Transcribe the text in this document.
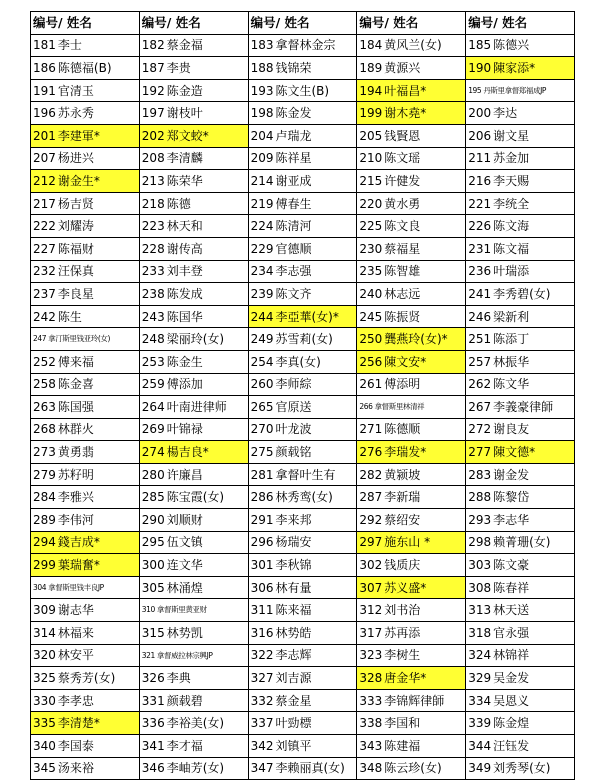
编号/ 姓名	编号/ 姓名	编号/ 姓名	编号/ 姓名	编号/ 姓名
181 李士	182 蔡金福	183 拿督林金宗	184 黄风兰(女)	185 陈德兴
186 陈德福(B)	187 李贵	188 钱锦荣	189 黄源兴	190 陳家添*
191 官清玉	192 陈金造	193 陈文生(B)	194 叶福昌*	195 丹斯里拿督郑福成JP
196 苏永秀	197 谢枝叶	198 陈金发	199 谢木堯*	200 李达
201 李建軍*	202 郑文蛟*	204 卢瑞龙	205 钱賢恩	206 谢文星
207 杨进兴	208 李清麟	209 陈祥星	210 陈文瑶	211 苏金加
212 谢金生*	213 陈荣华	214 谢亚成	215 许健发	216 李天赐
217 杨吉贤	218 陈德	219 傅春生	220 黄水勇	221 李统全
222 刘耀涛	223 林天和	224 陈清河	225 陈文良	226 陈文海
227 陈福财	228 谢传高	229 官德顺	230 蔡福星	231 陈文福
232 汪保真	233 刘丰登	234 李志强	235 陈智雄	236 叶瑞添
237 李良星	238 陈发成	239 陈文齐	240 林志远	241 李秀碧(女)
242 陈生	243 陈国华	244 李亞華(女)*	245 陈振贤	246 梁新利
247 拿汀斯里钱亚玲(女)	248 梁丽玲(女)	249 苏雪莉(女)	250 龔燕玲(女)*	251 陈添丁
252 傅来福	253 陈金生	254 李真(女)	256 陳文安*	257 林振华
258 陈金喜	259 傅添加	260 李师綜	261 傅添明	262 陈文华
263 陈国强	264 叶南进律师	265 官原送	266 拿督斯里林清祥	267 李義豪律師
268 林群火	269 叶锦禄	270 叶龙波	271 陈德顺	272 谢良友
273 黄勇翡	274 楊吉良*	275 颜载铭	276 李瑞发*	277 陳文德*
279 苏籽明	280 许廉昌	281 拿督叶生有	282 黄颍坡	283 谢金发
284 李雅兴	285 陈宝霞(女)	286 林秀鸾(女)	287 李新瑞	288 陈黎岱
289 李伟河	290 刘顺财	291 李来邦	292 蔡绍安	293 李志华
294 錢吉成*	295 伍文镇	296 杨瑞安	297 施东山 *	298 赖菁珊(女)
299 葉瑞奮*	300 连文华	301 李秋锦	302 钱质庆	303 陈文豪
304 拿督斯里钱丰良JP	305 林涌煌	306 林有量	307 苏义盛*	308 陈春祥
309 谢志华	310 拿督斯里黄亚财	311 陈来福	312 刘书治	313 林天送
314 林福来	315 林势凯	316 林势皓	317 苏再添	318 官永强
320 林安平	321 拿督威拉林宗興JP	322 李志辉	323 李树生	324 林锦祥
325 蔡秀芳(女)	326 李典	327 刘吉源	328 唐金华*	329 吴金发
330 李孝忠	331 颜载碧	332 蔡金星	333 李锦辉律師	334 吴恩义
335 李清楚*	336 李裕美(女)	337 叶勁標	338 李国和	339 陈金煌
340 李国泰	341 李才福	342 刘镇平	343 陈建福	344 汪钰发
345 汤来裕	346 李岫芳(女)	347 李赖丽真(女)	348 陈云珍(女)	349 刘秀琴(女)
